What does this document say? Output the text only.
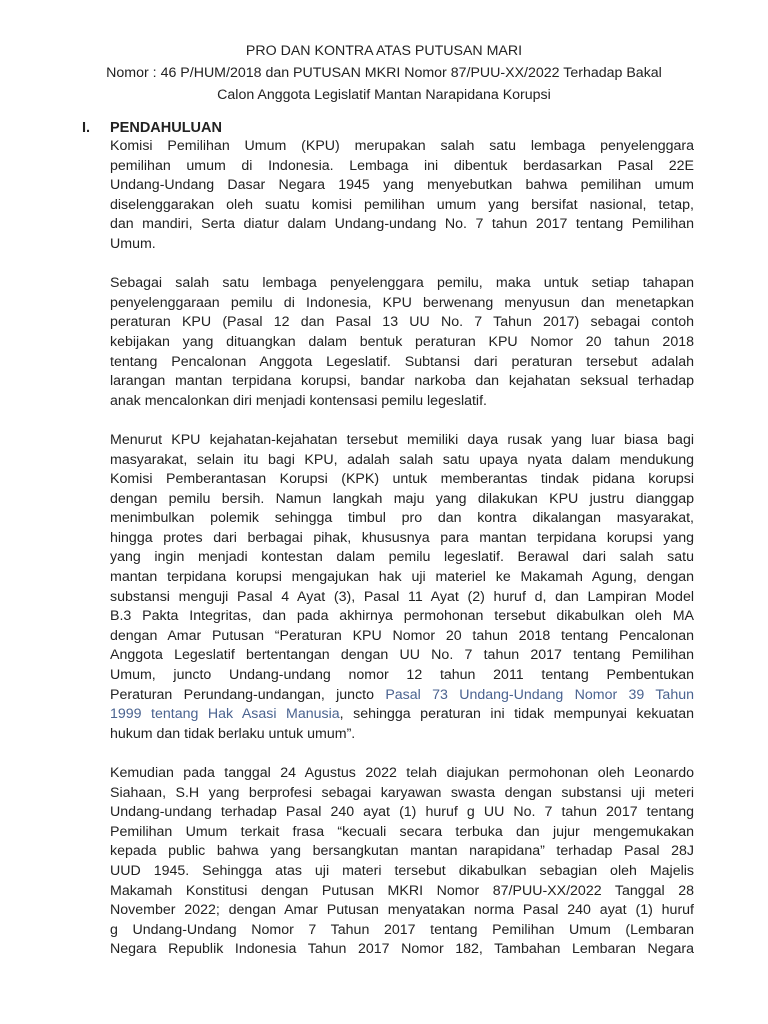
PRO DAN KONTRA ATAS PUTUSAN MARI
Nomor : 46 P/HUM/2018 dan PUTUSAN MKRI Nomor 87/PUU-XX/2022 Terhadap Bakal
Calon Anggota Legislatif Mantan Narapidana Korupsi
I. PENDAHULUAN
Komisi Pemilihan Umum (KPU) merupakan salah satu lembaga penyelenggara
pemilihan umum di Indonesia. Lembaga ini dibentuk berdasarkan Pasal 22E
Undang-Undang Dasar Negara 1945 yang menyebutkan bahwa pemilihan umum
diselenggarakan oleh suatu komisi pemilihan umum yang bersifat nasional, tetap,
dan mandiri, Serta diatur dalam Undang-undang No. 7 tahun 2017 tentang Pemilihan
Umum.
Sebagai salah satu lembaga penyelenggara pemilu, maka untuk setiap tahapan
penyelenggaraan pemilu di Indonesia, KPU berwenang menyusun dan menetapkan
peraturan KPU (Pasal 12 dan Pasal 13 UU No. 7 Tahun 2017) sebagai contoh
kebijakan yang dituangkan dalam bentuk peraturan KPU Nomor 20 tahun 2018
tentang Pencalonan Anggota Legeslatif. Subtansi dari peraturan tersebut adalah
larangan mantan terpidana korupsi, bandar narkoba dan kejahatan seksual terhadap
anak mencalonkan diri menjadi kontensasi pemilu legeslatif.
Menurut KPU kejahatan-kejahatan tersebut memiliki daya rusak yang luar biasa bagi
masyarakat, selain itu bagi KPU, adalah salah satu upaya nyata dalam mendukung
Komisi Pemberantasan Korupsi (KPK) untuk memberantas tindak pidana korupsi
dengan pemilu bersih. Namun langkah maju yang dilakukan KPU justru dianggap
menimbulkan polemik sehingga timbul pro dan kontra dikalangan masyarakat,
hingga protes dari berbagai pihak, khususnya para mantan terpidana korupsi yang
yang ingin menjadi kontestan dalam pemilu legeslatif. Berawal dari salah satu
mantan terpidana korupsi mengajukan hak uji materiel ke Makamah Agung, dengan
substansi menguji Pasal 4 Ayat (3), Pasal 11 Ayat (2) huruf d, dan Lampiran Model
B.3 Pakta Integritas, dan pada akhirnya permohonan tersebut dikabulkan oleh MA
dengan Amar Putusan “Peraturan KPU Nomor 20 tahun 2018 tentang Pencalonan
Anggota Legeslatif bertentangan dengan UU No. 7 tahun 2017 tentang Pemilihan
Umum, juncto Undang-undang nomor 12 tahun 2011 tentang Pembentukan
Peraturan Perundang-undangan, juncto Pasal 73 Undang-Undang Nomor 39 Tahun
1999 tentang Hak Asasi Manusia, sehingga peraturan ini tidak mempunyai kekuatan
hukum dan tidak berlaku untuk umum”.
Kemudian pada tanggal 24 Agustus 2022 telah diajukan permohonan oleh Leonardo
Siahaan, S.H yang berprofesi sebagai karyawan swasta dengan substansi uji meteri
Undang-undang terhadap Pasal 240 ayat (1) huruf g UU No. 7 tahun 2017 tentang
Pemilihan Umum terkait frasa “kecuali secara terbuka dan jujur mengemukakan
kepada public bahwa yang bersangkutan mantan narapidana” terhadap Pasal 28J
UUD 1945. Sehingga atas uji materi tersebut dikabulkan sebagian oleh Majelis
Makamah Konstitusi dengan Putusan MKRI Nomor 87/PUU-XX/2022 Tanggal 28
November 2022; dengan Amar Putusan menyatakan norma Pasal 240 ayat (1) huruf
g Undang-Undang Nomor 7 Tahun 2017 tentang Pemilihan Umum (Lembaran
Negara Republik Indonesia Tahun 2017 Nomor 182, Tambahan Lembaran Negara
